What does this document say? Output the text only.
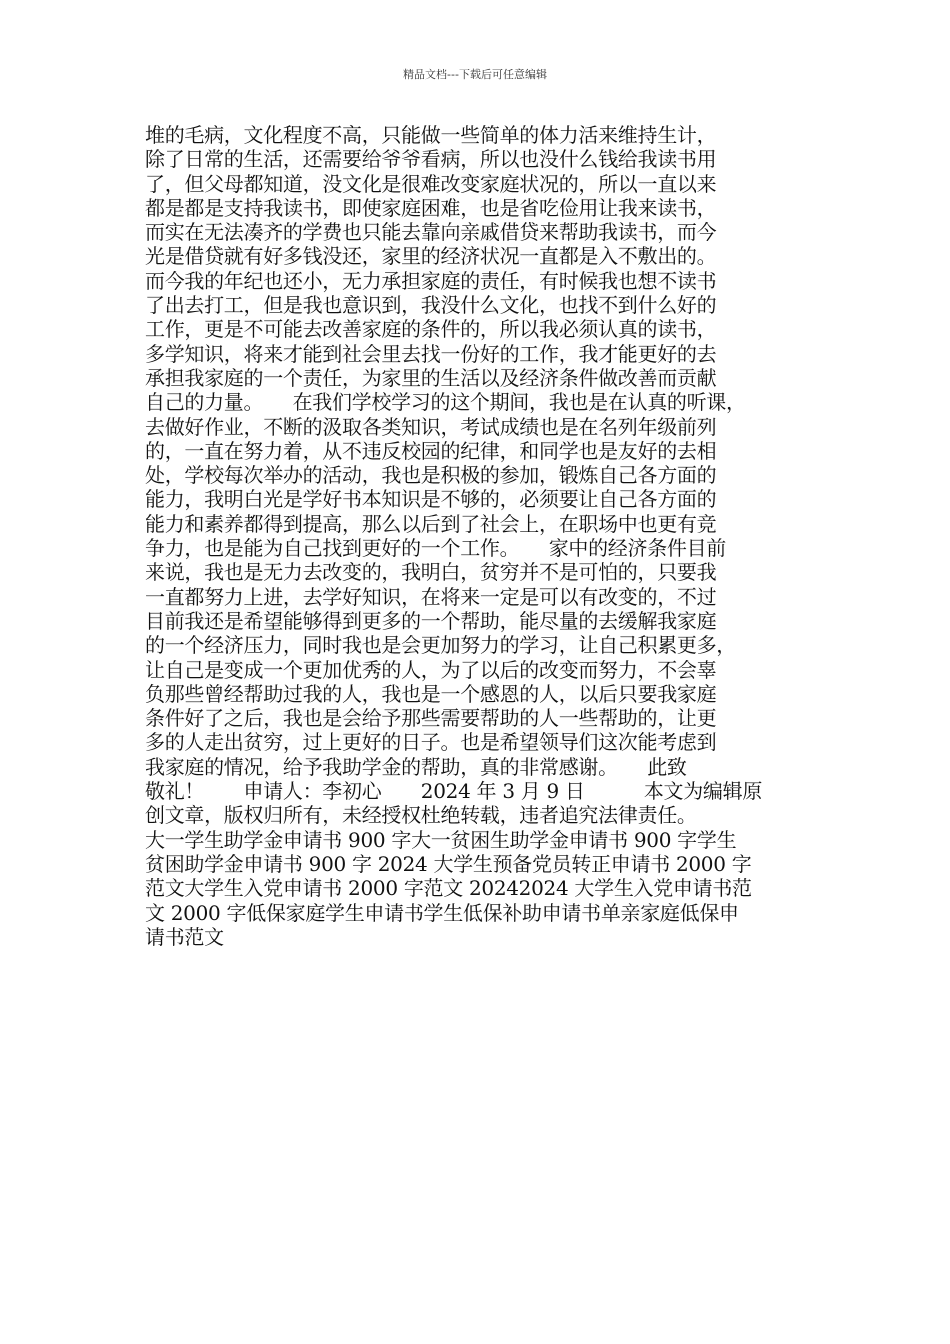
精品文档---下载后可任意编辑
堆的毛病，文化程度不高，只能做一些简单的体力活来维持生计，
除了日常的生活，还需要给爷爷看病，所以也没什么钱给我读书用
了，但父母都知道，没文化是很难改变家庭状况的，所以一直以来
都是都是支持我读书，即使家庭困难，也是省吃俭用让我来读书，
而实在无法凑齐的学费也只能去靠向亲戚借贷来帮助我读书，而今
光是借贷就有好多钱没还，家里的经济状况一直都是入不敷出的。
而今我的年纪也还小，无力承担家庭的责任，有时候我也想不读书
了出去打工，但是我也意识到，我没什么文化，也找不到什么好的
工作，更是不可能去改善家庭的条件的，所以我必须认真的读书，
多学知识，将来才能到社会里去找一份好的工作，我才能更好的去
承担我家庭的一个责任，为家里的生活以及经济条件做改善而贡献
自己的力量。　　在我们学校学习的这个期间，我也是在认真的听课，
去做好作业，不断的汲取各类知识，考试成绩也是在名列年级前列
的，一直在努力着，从不违反校园的纪律，和同学也是友好的去相
处，学校每次举办的活动，我也是积极的参加，锻炼自己各方面的
能力，我明白光是学好书本知识是不够的，必须要让自己各方面的
能力和素养都得到提高，那么以后到了社会上，在职场中也更有竞
争力，也是能为自己找到更好的一个工作。　　家中的经济条件目前
来说，我也是无力去改变的，我明白，贫穷并不是可怕的，只要我
一直都努力上进，去学好知识，在将来一定是可以有改变的，不过
目前我还是希望能够得到更多的一个帮助，能尽量的去缓解我家庭
的一个经济压力，同时我也是会更加努力的学习，让自己积累更多，
让自己是变成一个更加优秀的人，为了以后的改变而努力，不会辜
负那些曾经帮助过我的人，我也是一个感恩的人，以后只要我家庭
条件好了之后，我也是会给予那些需要帮助的人一些帮助的，让更
多的人走出贫穷，过上更好的日子。也是希望领导们这次能考虑到
我家庭的情况，给予我助学金的帮助，真的非常感谢。　　此致
敬礼！　　申请人：李初心　　2024 年 3 月 9 日　　　本文为编辑原
创文章，版权归所有，未经授权杜绝转载，违者追究法律责任。
大一学生助学金申请书 900 字大一贫困生助学金申请书 900 字学生
贫困助学金申请书 900 字 2024 大学生预备党员转正申请书 2000 字
范文大学生入党申请书 2000 字范文 20242024 大学生入党申请书范
文 2000 字低保家庭学生申请书学生低保补助申请书单亲家庭低保申
请书范文
